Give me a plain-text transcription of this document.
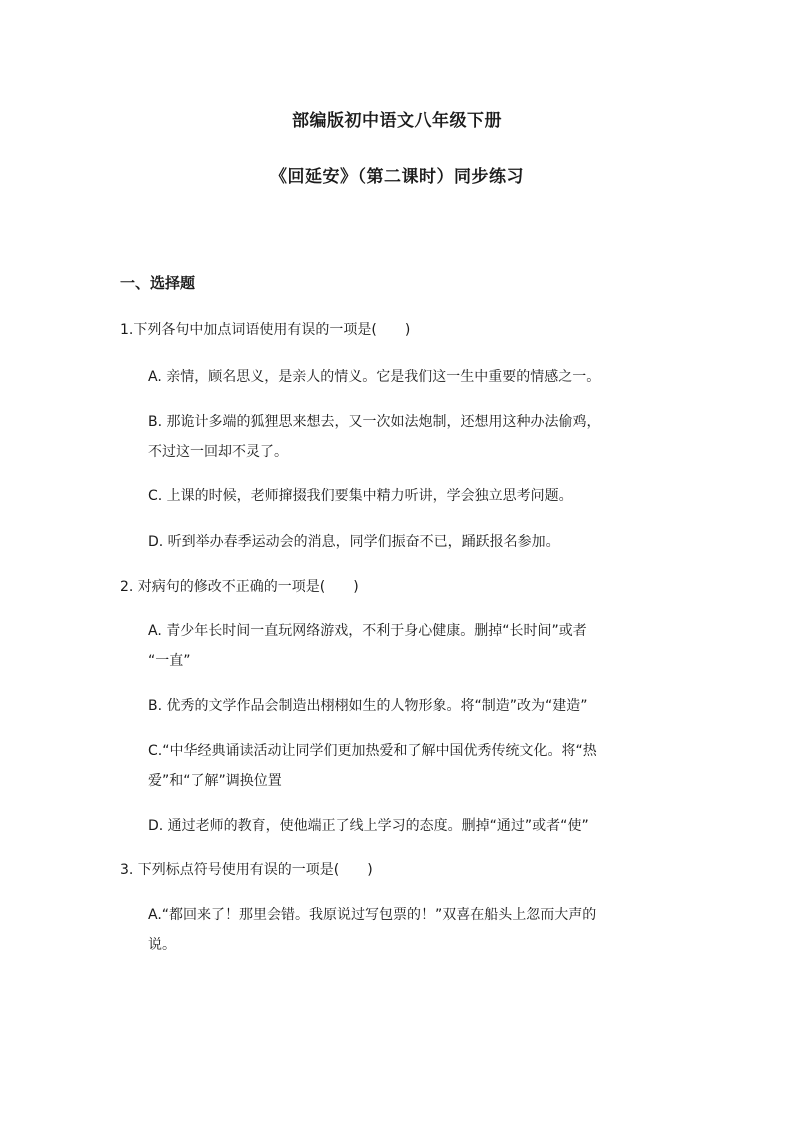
部编版初中语文八年级下册
《回延安》（第二课时）同步练习
一、选择题
1.下列各句中加点词语使用有误的一项是(　　)
A. 亲情，顾名思义，是亲人的情义。它是我们这一生中重要的情感之一。
B. 那诡计多端的狐狸思来想去，又一次如法炮制，还想用这种办法偷鸡，
不过这一回却不灵了。
C. 上课的时候，老师撺掇我们要集中精力听讲，学会独立思考问题。
D. 听到举办春季运动会的消息，同学们振奋不已，踊跃报名参加。
2. 对病句的修改不正确的一项是(　　)
A. 青少年长时间一直玩网络游戏，不利于身心健康。删掉“长时间”或者
“一直”
B. 优秀的文学作品会制造出栩栩如生的人物形象。将“制造”改为“建造”
C.“中华经典诵读活动让同学们更加热爱和了解中国优秀传统文化。将“热
爱”和“了解”调换位置
D. 通过老师的教育，使他端正了线上学习的态度。删掉“通过”或者“使”
3. 下列标点符号使用有误的一项是(　　)
A.“都回来了！那里会错。我原说过写包票的！”双喜在船头上忽而大声的
说。
